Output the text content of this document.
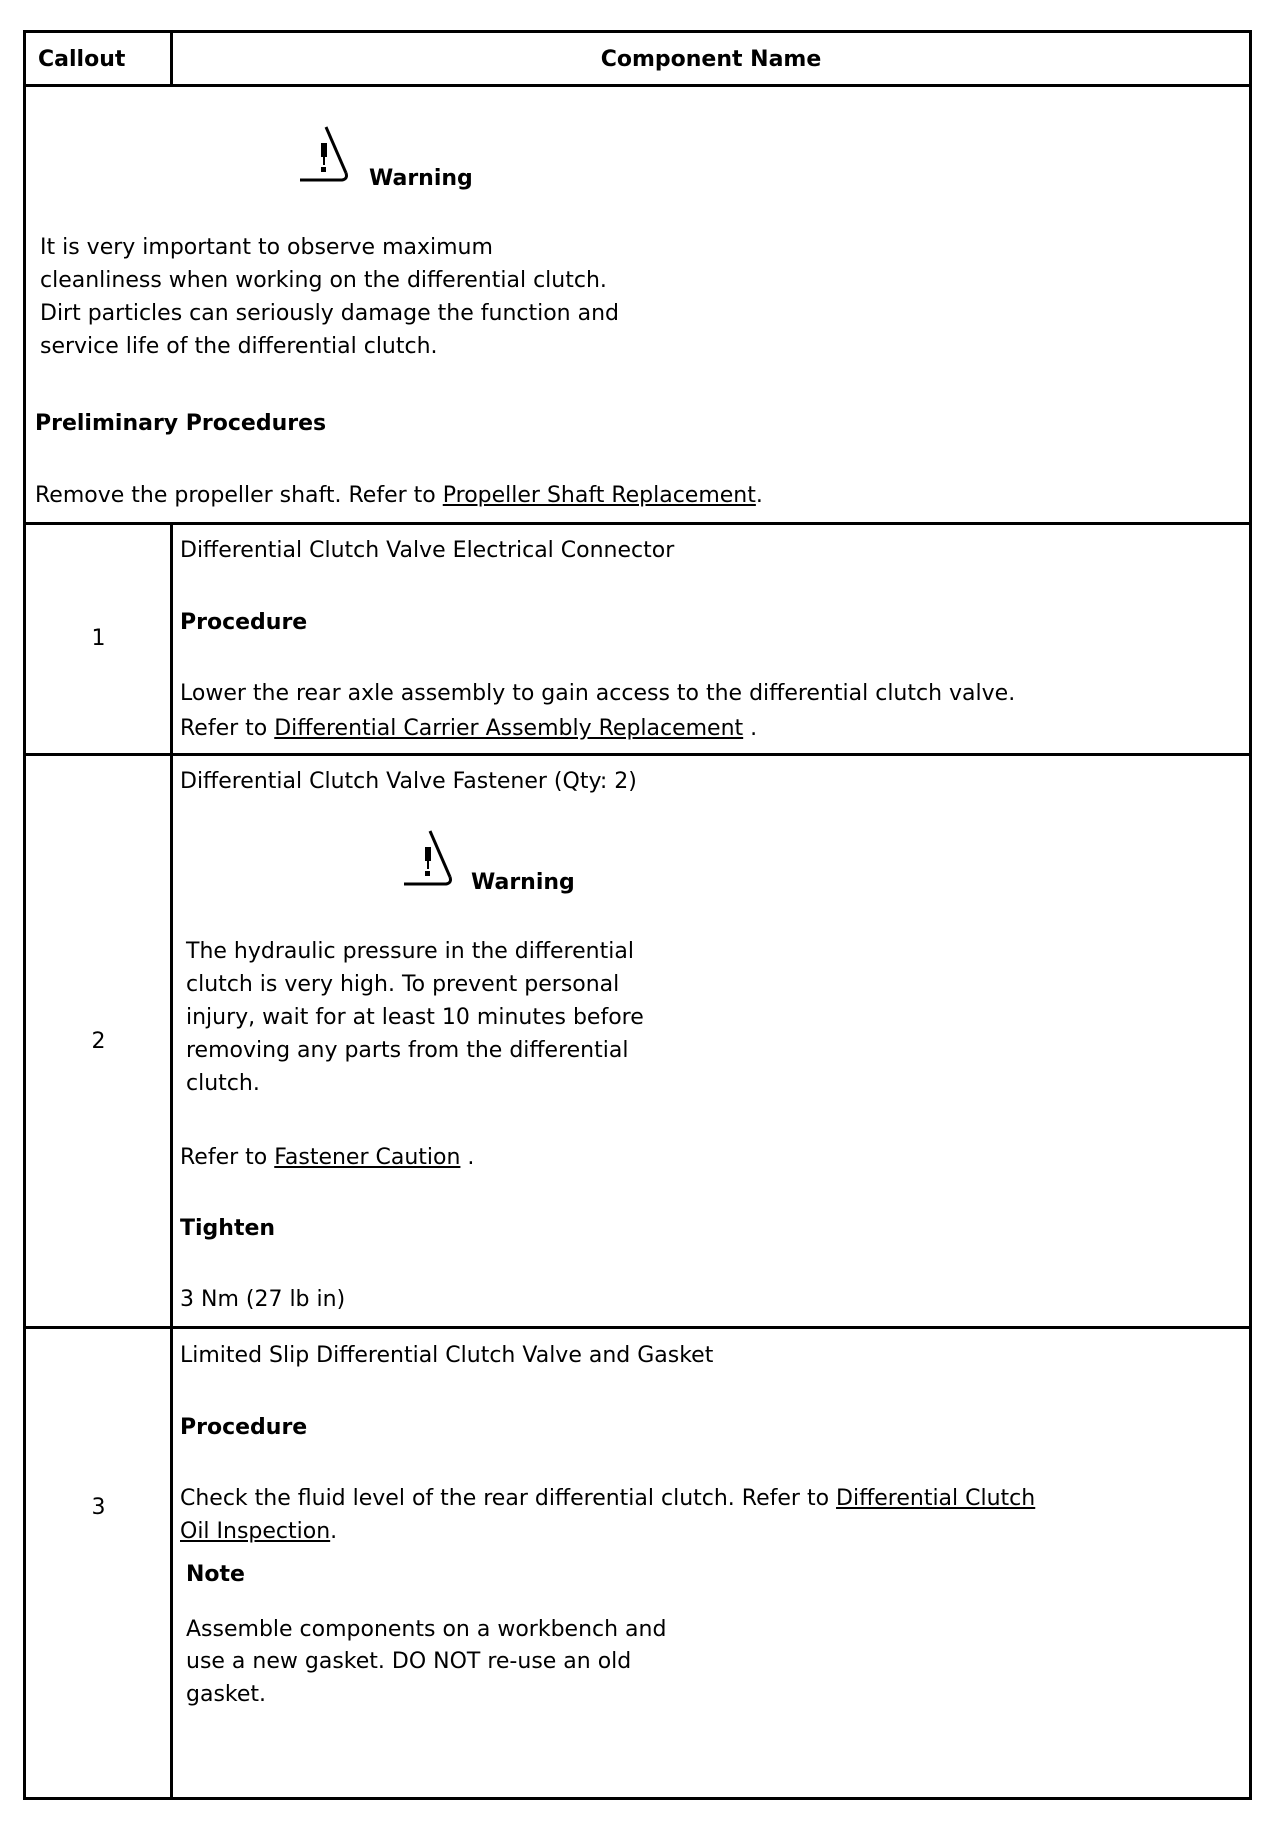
Callout	Component Name
Warning
It is very important to observe maximum
cleanliness when working on the differential clutch.
Dirt particles can seriously damage the function and
service life of the differential clutch.
Preliminary Procedures
Remove the propeller shaft. Refer to Propeller Shaft Replacement.
1
Differential Clutch Valve Electrical Connector
Procedure
Lower the rear axle assembly to gain access to the differential clutch valve.
Refer to Differential Carrier Assembly Replacement .
2
Differential Clutch Valve Fastener (Qty: 2)
Warning
The hydraulic pressure in the differential
clutch is very high. To prevent personal
injury, wait for at least 10 minutes before
removing any parts from the differential
clutch.
Refer to Fastener Caution .
Tighten
3 Nm (27 lb in)
3
Limited Slip Differential Clutch Valve and Gasket
Procedure
Check the fluid level of the rear differential clutch. Refer to Differential Clutch
Oil Inspection.
Note
Assemble components on a workbench and
use a new gasket. DO NOT re-use an old
gasket.
